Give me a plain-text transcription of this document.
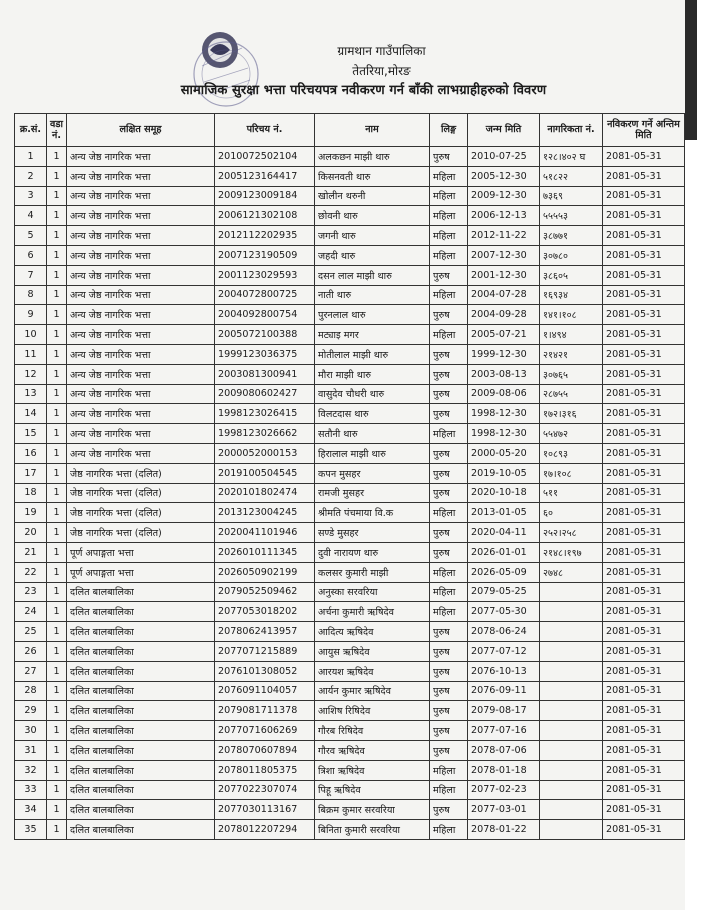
ग्रामथान गाउँपालिका
तेतरिया,मोरङ
सामाजिक सुरक्षा भत्ता परिचयपत्र नवीकरण गर्न बाँकी लाभग्राहीहरुको विवरण
क्र.सं.	वडा नं.	लक्षित समूह	परिचय नं.	नाम	लिङ्ग	जन्म मिति	नागरिकता नं.	नविकरण गर्ने अन्तिम मिति
1	1	अन्य जेष्ठ नागरिक भत्ता	2010072502104	अलकछन माझी थारु	पुरुष	2010-07-25	१२८।४०२ घ	2081-05-31
2	1	अन्य जेष्ठ नागरिक भत्ता	2005123164417	किसनवती थारु	महिला	2005-12-30	५१८२२	2081-05-31
3	1	अन्य जेष्ठ नागरिक भत्ता	2009123009184	खोलीन थरुनी	महिला	2009-12-30	७३६९	2081-05-31
4	1	अन्य जेष्ठ नागरिक भत्ता	2006121302108	छोवनी थारु	महिला	2006-12-13	५५५५३	2081-05-31
5	1	अन्य जेष्ठ नागरिक भत्ता	2012112202935	जगनी थारु	महिला	2012-11-22	३८७७१	2081-05-31
6	1	अन्य जेष्ठ नागरिक भत्ता	2007123190509	जहदी थारु	महिला	2007-12-30	३०७८०	2081-05-31
7	1	अन्य जेष्ठ नागरिक भत्ता	2001123029593	दसन लाल माझी थारु	पुरुष	2001-12-30	३८६०५	2081-05-31
8	1	अन्य जेष्ठ नागरिक भत्ता	2004072800725	नाती थारु	महिला	2004-07-28	१६९३४	2081-05-31
9	1	अन्य जेष्ठ नागरिक भत्ता	2004092800754	पुरनलाल थारु	पुरुष	2004-09-28	१४१।१०८	2081-05-31
10	1	अन्य जेष्ठ नागरिक भत्ता	2005072100388	मट्याइ मगर	महिला	2005-07-21	१।४९४	2081-05-31
11	1	अन्य जेष्ठ नागरिक भत्ता	1999123036375	मोतीलाल माझी थारु	पुरुष	1999-12-30	२१४२१	2081-05-31
12	1	अन्य जेष्ठ नागरिक भत्ता	2003081300941	मौरा माझी थारु	पुरुष	2003-08-13	३०७६५	2081-05-31
13	1	अन्य जेष्ठ नागरिक भत्ता	2009080602427	वासुदेव चौधरी थारु	पुरुष	2009-08-06	२८७५५	2081-05-31
14	1	अन्य जेष्ठ नागरिक भत्ता	1998123026415	विलटदास थारु	पुरुष	1998-12-30	१७२।३१६	2081-05-31
15	1	अन्य जेष्ठ नागरिक भत्ता	1998123026662	सतौनी थारु	महिला	1998-12-30	५५४७२	2081-05-31
16	1	अन्य जेष्ठ नागरिक भत्ता	2000052000153	हिरालाल माझी थारु	पुरुष	2000-05-20	१०८९३	2081-05-31
17	1	जेष्ठ नागरिक भत्ता (दलित)	2019100504545	कपन मुसहर	पुरुष	2019-10-05	१७।१०८	2081-05-31
18	1	जेष्ठ नागरिक भत्ता (दलित)	2020101802474	रामजी मुसहर	पुरुष	2020-10-18	५११	2081-05-31
19	1	जेष्ठ नागरिक भत्ता (दलित)	2013123004245	श्रीमति पंचमाया वि.क	महिला	2013-01-05	६०	2081-05-31
20	1	जेष्ठ नागरिक भत्ता (दलित)	2020041101946	सण्डे मुसहर	पुरुष	2020-04-11	२५२।२५८	2081-05-31
21	1	पूर्ण अपाङ्गता भत्ता	2026010111345	दुवी नारायण थारु	पुरुष	2026-01-01	२१४८।१९७	2081-05-31
22	1	पूर्ण अपाङ्गता भत्ता	2026050902199	कलसर कुमारी माझी	महिला	2026-05-09	२७४८	2081-05-31
23	1	दलित बालबालिका	2079052509462	अनुस्का सरवरिया	महिला	2079-05-25		2081-05-31
24	1	दलित बालबालिका	2077053018202	अर्चना कुमारी ऋषिदेव	महिला	2077-05-30		2081-05-31
25	1	दलित बालबालिका	2078062413957	आदित्य ऋषिदेव	पुरुष	2078-06-24		2081-05-31
26	1	दलित बालबालिका	2077071215889	आयुस ऋषिदेव	पुरुष	2077-07-12		2081-05-31
27	1	दलित बालबालिका	2076101308052	आरयश ऋषिदेव	पुरुष	2076-10-13		2081-05-31
28	1	दलित बालबालिका	2076091104057	आर्यन कुमार ऋषिदेव	पुरुष	2076-09-11		2081-05-31
29	1	दलित बालबालिका	2079081711378	आशिष रिषिदेव	पुरुष	2079-08-17		2081-05-31
30	1	दलित बालबालिका	2077071606269	गौरब रिषिदेव	पुरुष	2077-07-16		2081-05-31
31	1	दलित बालबालिका	2078070607894	गौरव ऋषिदेव	पुरुष	2078-07-06		2081-05-31
32	1	दलित बालबालिका	2078011805375	त्रिशा ऋषिदेव	महिला	2078-01-18		2081-05-31
33	1	दलित बालबालिका	2077022307074	पिहू ऋषिदेव	महिला	2077-02-23		2081-05-31
34	1	दलित बालबालिका	2077030113167	बिक्रम कुमार सरवरिया	पुरुष	2077-03-01		2081-05-31
35	1	दलित बालबालिका	2078012207294	बिनिता कुमारी सरवरिया	महिला	2078-01-22		2081-05-31
